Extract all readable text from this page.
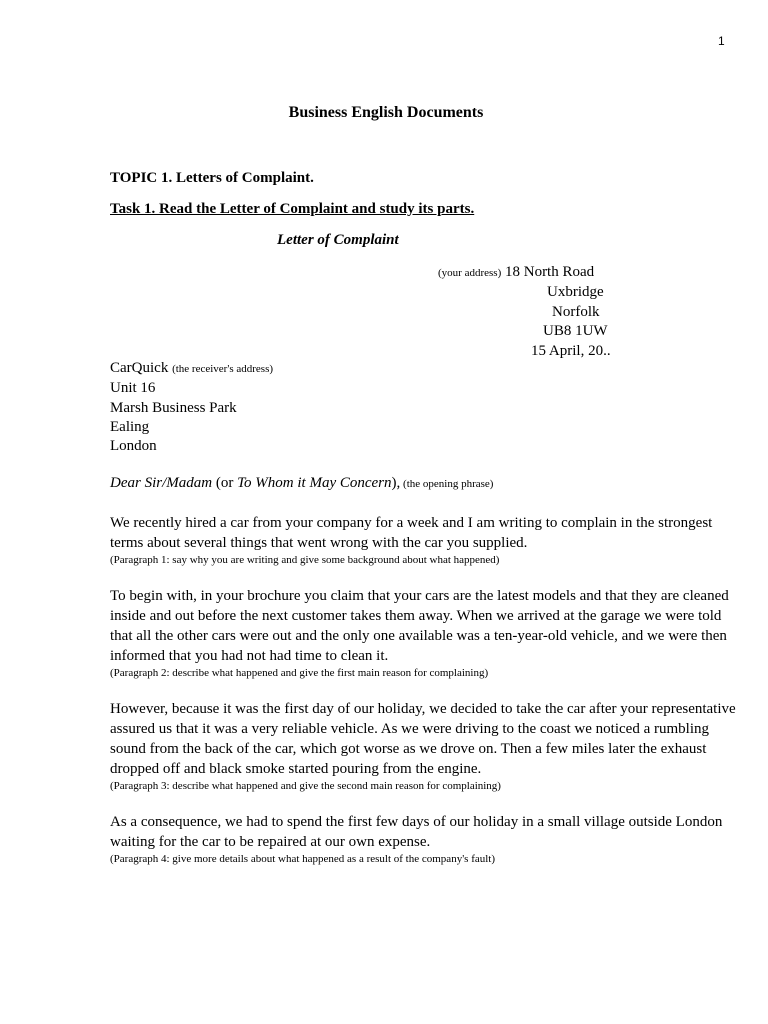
1
Business English Documents
TOPIC 1. Letters of Complaint.
Task 1. Read the Letter of Complaint and study its parts.
Letter of Complaint
(your address) 18 North Road
Uxbridge
Norfolk
UB8 1UW
15 April, 20..
CarQuick (the receiver's address)
Unit 16
Marsh Business Park
Ealing
London
Dear Sir/Madam (or To Whom it May Concern), (the opening phrase)
We recently hired a car from your company for a week and I am writing to complain in the strongest terms about several things that went wrong with the car you supplied.
(Paragraph 1: say why you are writing and give some background about what happened)
To begin with, in your brochure you claim that your cars are the latest models and that they are cleaned inside and out before the next customer takes them away. When we arrived at the garage we were told that all the other cars were out and the only one available was a ten-year-old vehicle, and we were then informed that you had not had time to clean it.
(Paragraph 2: describe what happened and give the first main reason for complaining)
However, because it was the first day of our holiday, we decided to take the car after your representative assured us that it was a very reliable vehicle. As we were driving to the coast we noticed a rumbling sound from the back of the car, which got worse as we drove on. Then a few miles later the exhaust dropped off and black smoke started pouring from the engine.
(Paragraph 3: describe what happened and give the second main reason for complaining)
As a consequence, we had to spend the first few days of our holiday in a small village outside London waiting for the car to be repaired at our own expense.
(Paragraph 4: give more details about what happened as a result of the company's fault)
